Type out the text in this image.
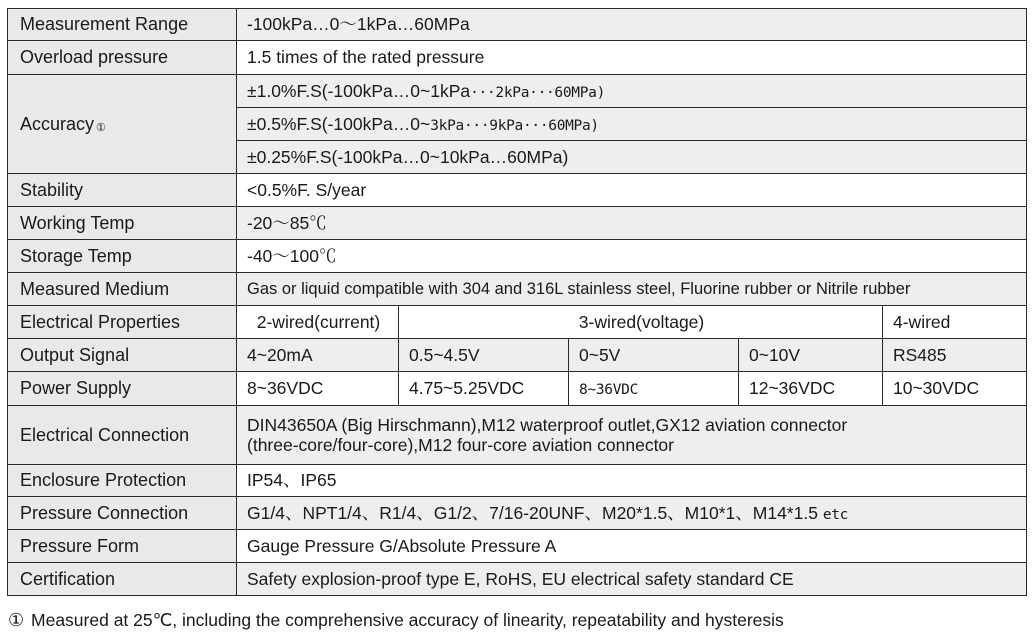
Measurement Range	-100kPa…0～1kPa…60MPa				
Overload pressure	1.5 times of the rated pressure				
Accuracy ①	±1.0%F.S(-100kPa…0~1kPa···2kPa···60MPa)				
	±0.5%F.S(-100kPa…0~3kPa···9kPa···60MPa)				
	±0.25%F.S(-100kPa…0~10kPa…60MPa)				
Stability	<0.5%F. S/year				
Working Temp	-20～85℃				
Storage Temp	-40～100℃				
Measured Medium	Gas or liquid compatible with 304 and 316L stainless steel, Fluorine rubber or Nitrile rubber				
Electrical Properties	2-wired(current)	3-wired(voltage)			4-wired
Output Signal	4~20mA	0.5~4.5V	0~5V	0~10V	RS485
Power Supply	8~36VDC	4.75~5.25VDC	8~36VDC	12~36VDC	10~30VDC
Electrical Connection	DIN43650A (Big Hirschmann),M12 waterproof outlet,GX12 aviation connector
(three-core/four-core),M12 four-core aviation connector				

Enclosure Protection	IP54、IP65				
Pressure Connection	G1/4、NPT1/4、R1/4、G1/2、7/16-20UNF、M20*1.5、M10*1、M14*1.5 etc				
Pressure Form	Gauge Pressure G/Absolute Pressure A				
Certification	Safety explosion-proof type E, RoHS, EU electrical safety standard CE				
① Measured at 25℃, including the comprehensive accuracy of linearity, repeatability and hysteresis
